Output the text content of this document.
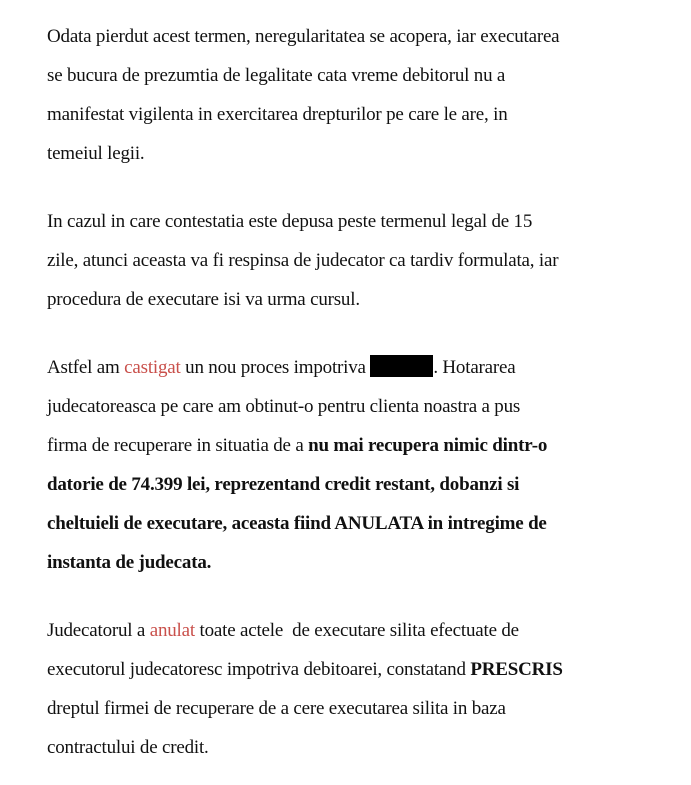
Odata pierdut acest termen, neregularitatea se acopera, iar executarea
se bucura de prezumtia de legalitate cata vreme debitorul nu a
manifestat vigilenta in exercitarea drepturilor pe care le are, in
temeiul legii.
In cazul in care contestatia este depusa peste termenul legal de 15
zile, atunci aceasta va fi respinsa de judecator ca tardiv formulata, iar
procedura de executare isi va urma cursul.
Astfel am castigat un nou proces impotriva	. Hotararea
judecatoreasca pe care am obtinut-o pentru clienta noastra a pus
firma de recuperare in situatia de a nu mai recupera nimic dintr-o
datorie de 74.399 lei, reprezentand credit restant, dobanzi si
cheltuieli de executare, aceasta fiind ANULATA in intregime de
instanta de judecata.
Judecatorul a anulat toate actele  de executare silita efectuate de
executorul judecatoresc impotriva debitoarei, constatand PRESCRIS
dreptul firmei de recuperare de a cere executarea silita in baza
contractului de credit.
